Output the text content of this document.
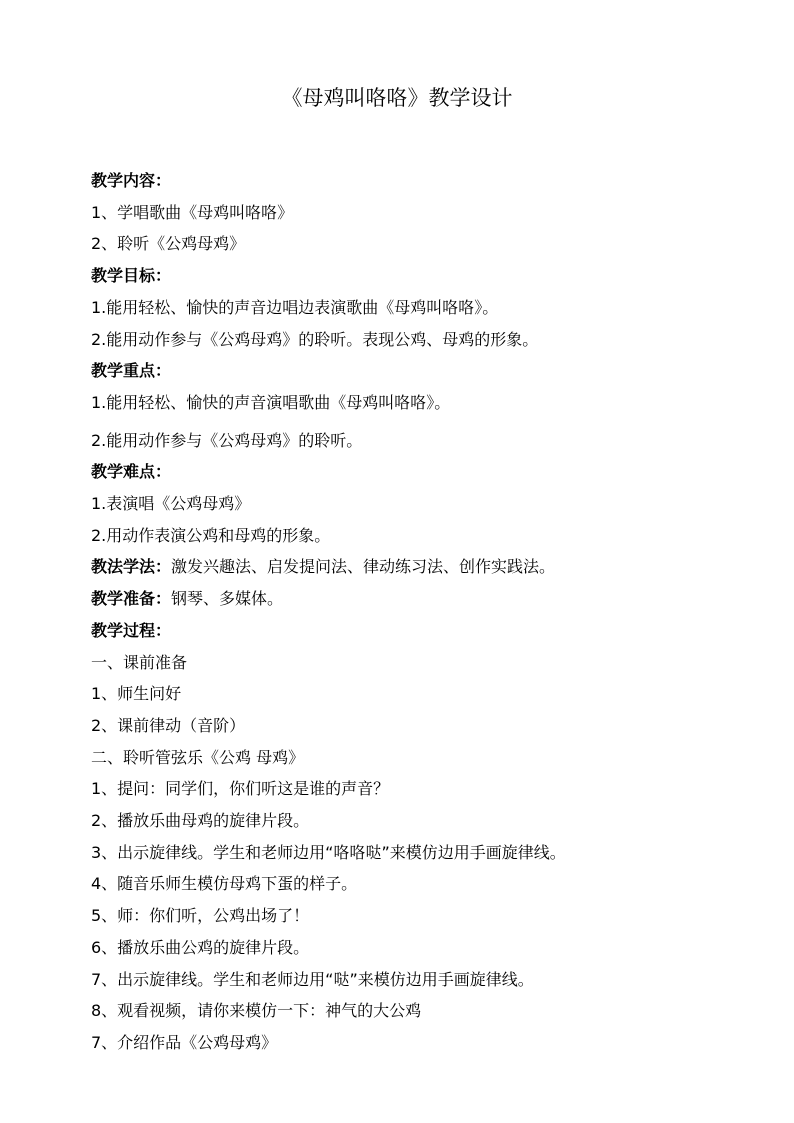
《母鸡叫咯咯》教学设计
教学内容：
1、学唱歌曲《母鸡叫咯咯》
2、聆听《公鸡母鸡》
教学目标：
1.能用轻松、愉快的声音边唱边表演歌曲《母鸡叫咯咯》。
2.能用动作参与《公鸡母鸡》的聆听。表现公鸡、母鸡的形象。
教学重点：
1.能用轻松、愉快的声音演唱歌曲《母鸡叫咯咯》。
2.能用动作参与《公鸡母鸡》的聆听。
教学难点：
1.表演唱《公鸡母鸡》
2.用动作表演公鸡和母鸡的形象。
教法学法：激发兴趣法、启发提问法、律动练习法、创作实践法。
教学准备：钢琴、多媒体。
教学过程：
一、课前准备
1、师生问好
2、课前律动（音阶）
二、聆听管弦乐《公鸡 母鸡》
1、提问：同学们，你们听这是谁的声音？
2、播放乐曲母鸡的旋律片段。
3、出示旋律线。学生和老师边用“咯咯哒”来模仿边用手画旋律线。
4、随音乐师生模仿母鸡下蛋的样子。
5、师：你们听，公鸡出场了！
6、播放乐曲公鸡的旋律片段。
7、出示旋律线。学生和老师边用“哒”来模仿边用手画旋律线。
8、观看视频，请你来模仿一下：神气的大公鸡
7、介绍作品《公鸡母鸡》
